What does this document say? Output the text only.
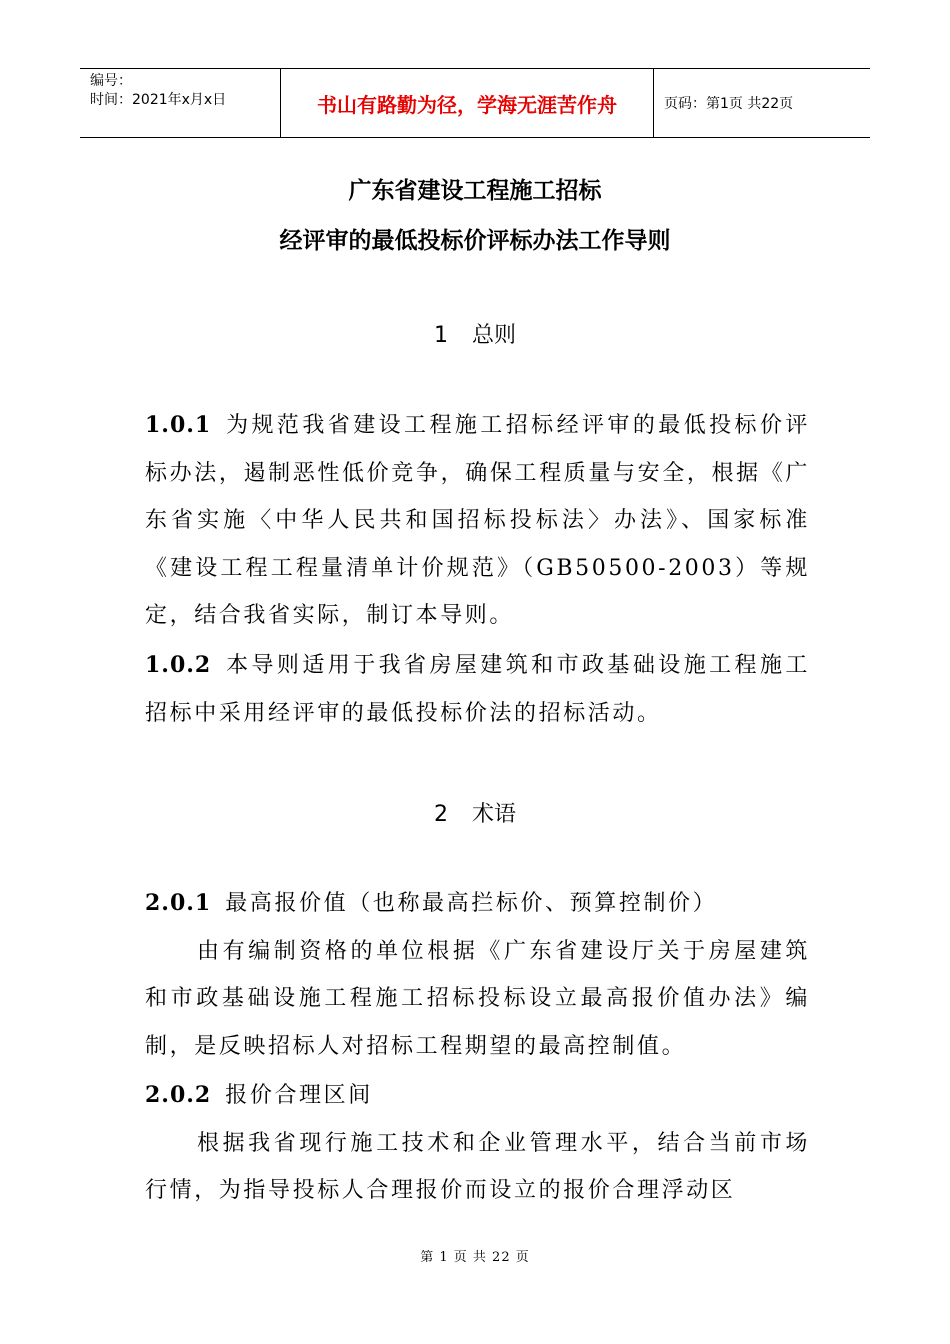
编号：
时间：2021年x月x日	书山有路勤为径，学海无涯苦作舟	页码：第1页 共22页
广东省建设工程施工招标
经评审的最低投标价评标办法工作导则
1 总则
1.0.1 为规范我省建设工程施工招标经评审的最低投标价评标办法，遏制恶性低价竞争，确保工程质量与安全，根据《广东省实施〈中华人民共和国招标投标法〉办法》、国家标准《建设工程工程量清单计价规范》（GB50500-2003）等规定，结合我省实际，制订本导则。
1.0.2 本导则适用于我省房屋建筑和市政基础设施工程施工招标中采用经评审的最低投标价法的招标活动。
2 术语
2.0.1 最高报价值（也称最高拦标价、预算控制价）
由有编制资格的单位根据《广东省建设厅关于房屋建筑和市政基础设施工程施工招标投标设立最高报价值办法》编制，是反映招标人对招标工程期望的最高控制值。
2.0.2 报价合理区间
根据我省现行施工技术和企业管理水平，结合当前市场行情，为指导投标人合理报价而设立的报价合理浮动区
第 1 页 共 22 页
